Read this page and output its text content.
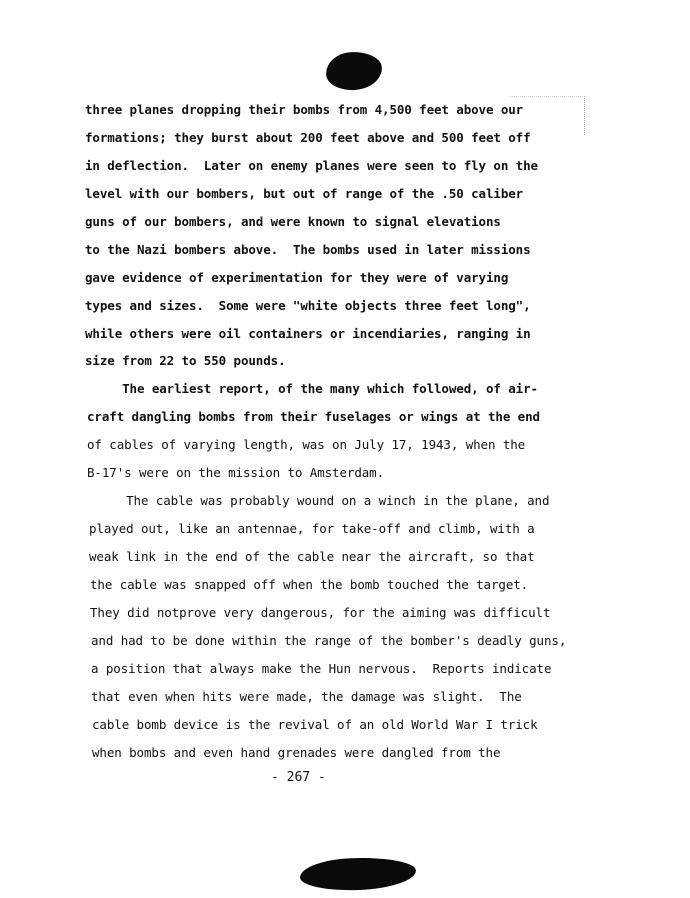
three planes dropping their bombs from 4,500 feet above our
formations; they burst about 200 feet above and 500 feet off
in deflection.  Later on enemy planes were seen to fly on the
level with our bombers, but out of range of the .50 caliber
guns of our bombers, and were known to signal elevations
to the Nazi bombers above.  The bombs used in later missions
gave evidence of experimentation for they were of varying
types and sizes.  Some were "white objects three feet long",
while others were oil containers or incendiaries, ranging in
size from 22 to 550 pounds.
The earliest report, of the many which followed, of air-
craft dangling bombs from their fuselages or wings at the end
of cables of varying length, was on July 17, 1943, when the
B-17's were on the mission to Amsterdam.
The cable was probably wound on a winch in the plane, and
played out, like an antennae, for take-off and climb, with a
weak link in the end of the cable near the aircraft, so that
the cable was snapped off when the bomb touched the target.
They did notprove very dangerous, for the aiming was difficult
and had to be done within the range of the bomber's deadly guns,
a position that always make the Hun nervous.  Reports indicate
that even when hits were made, the damage was slight.  The
cable bomb device is the revival of an old World War I trick
when bombs and even hand grenades were dangled from the
- 267 -
